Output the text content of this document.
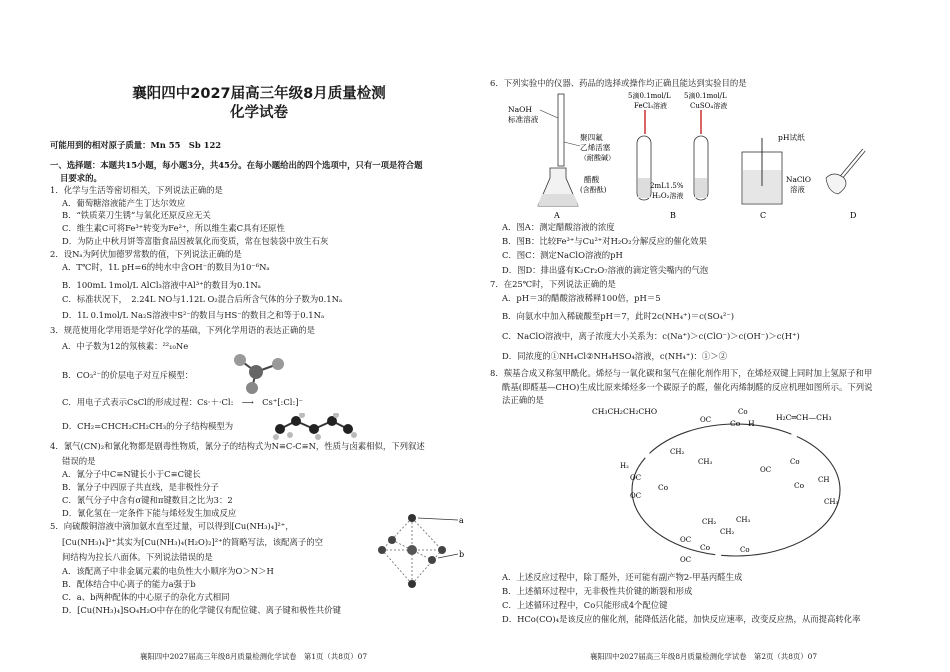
襄阳四中2027届高三年级8月质量检测
化学试卷
可能用到的相对原子质量：Mn 55　Sb 122
一、选择题：本题共15小题，每小题3分，共45分。在每小题给出的四个选项中，只有一项是符合题
目要求的。
1．化学与生活等密切相关，下列说法正确的是
A．葡萄糖溶液能产生丁达尔效应
B．“铁质菜刀生锈”与氧化还原反应无关
C．维生素C可将Fe³⁺转变为Fe²⁺，所以维生素C具有还原性
D．为防止中秋月饼等富脂食品因被氧化而变质，常在包装袋中放生石灰
2．设Nₐ为阿伏加德罗常数的值，下列说法正确的是
A．T℃时，1L pH=6的纯水中含OH⁻的数目为10⁻⁶Nₐ
B．100mL 1mol/L AlCl₃溶液中Al³⁺的数目为0.1Nₐ
C．标准状况下，　2.24L NO与1.12L O₂混合后所含气体的分子数为0.1Nₐ
D．1L 0.1mol/L Na₂S溶液中S²⁻的数目与HS⁻的数目之和等于0.1Nₐ
3．规范使用化学用语是学好化学的基础，下列化学用语的表达正确的是
A．中子数为12的氖核素：²²₁₀Ne
B．CO₃²⁻的价层电子对互斥模型：
C．用电子式表示CsCl的形成过程：Cs·＋·Cl:　⟶　Cs⁺[:Cl:]⁻
D．CH₂=CHCH₂CH₂CH₃的分子结构模型为
4．氰气(CN)₂和氰化物都是剧毒性物质，氰分子的结构式为N≡C-C≡N，性质与卤素相似，下列叙述
错误的是
A．氰分子中C≡N键长小于C≡C键长
B．氰分子中四原子共直线，是非极性分子
C．氰气分子中含有σ键和π键数目之比为3：2
D．氰化氢在一定条件下能与烯烃发生加成反应
5．向硫酸铜溶液中滴加氨水直至过量，可以得到[Cu(NH₃)₄]²⁺，
[Cu(NH₃)₄]²⁺其实为[Cu(NH₃)₄(H₂O)₂]²⁺的简略写法，该配离子的空
间结构为拉长八面体。下列说法错误的是
A．该配离子中非金属元素的电负性大小顺序为O＞N＞H
B．配体结合中心离子的能力a强于b
C．a、b两种配体的中心原子的杂化方式相同
D．[Cu(NH₃)₄]SO₄H₂O中存在的化学键仅有配位键、离子键和极性共价键
a
b
襄阳四中2027届高三年级8月质量检测化学试卷　第1页（共8页）07
6．下列实验中的仪器、药品的选择或操作均正确且能达到实验目的是
NaOH
标准溶液
聚四氟
乙烯活塞
（耐酸碱）
醋酸
(含酚酞)
A
5滴0.1mol/L
FeCl₃溶液
5滴0.1mol/L
CuSO₄溶液
2mL1.5%
H₂O₂溶液
B
pH试纸
NaClO
溶液
C	D
A．图A：测定醋酸溶液的浓度
B．图B：比较Fe³⁺与Cu²⁺对H₂O₂分解反应的催化效果
C．图C：测定NaClO溶液的pH
D．图D：排出盛有K₂Cr₂O₇溶液的滴定管尖嘴内的气泡
7．在25℃时，下列说法正确的是
A．pH＝3的醋酸溶液稀释100倍，pH＝5
B．向氨水中加入稀硫酸至pH＝7，此时2c(NH₄⁺)＝c(SO₄²⁻)
C．NaClO溶液中，离子浓度大小关系为：c(Na⁺)＞c(ClO⁻)＞c(OH⁻)＞c(H⁺)
D．同浓度的①NH₄Cl②NH₄HSO₄溶液，c(NH₄⁺)：①＞②
8．羰基合成又称氢甲酰化。烯烃与一氧化碳和氢气在催化剂作用下，在烯烃双键上同时加上氢原子和甲
酰基(即醛基—CHO)生成比原来烯烃多一个碳原子的醛，催化丙烯制醛的反应机理如图所示。下列说
法正确的是
CH₃CH₂CH₂CHO
Co—H
Co
OC	H₂C═CH—CH₃
H₂
CH₂
CH₃
OC
OC
Co
OC
Co
Co
CH
CH₃
CH₂
CH₂
CH₃
OC
Co
OC
Co
A．上述反应过程中，除丁醛外，还可能有副产物2-甲基丙醛生成
B．上述循环过程中，无非极性共价键的断裂和形成
C．上述循环过程中，Co只能形成4个配位键
D．HCo(CO)₄是该反应的催化剂，能降低活化能，加快反应速率，改变反应热，从而提高转化率
襄阳四中2027届高三年级8月质量检测化学试卷　第2页（共8页）07
